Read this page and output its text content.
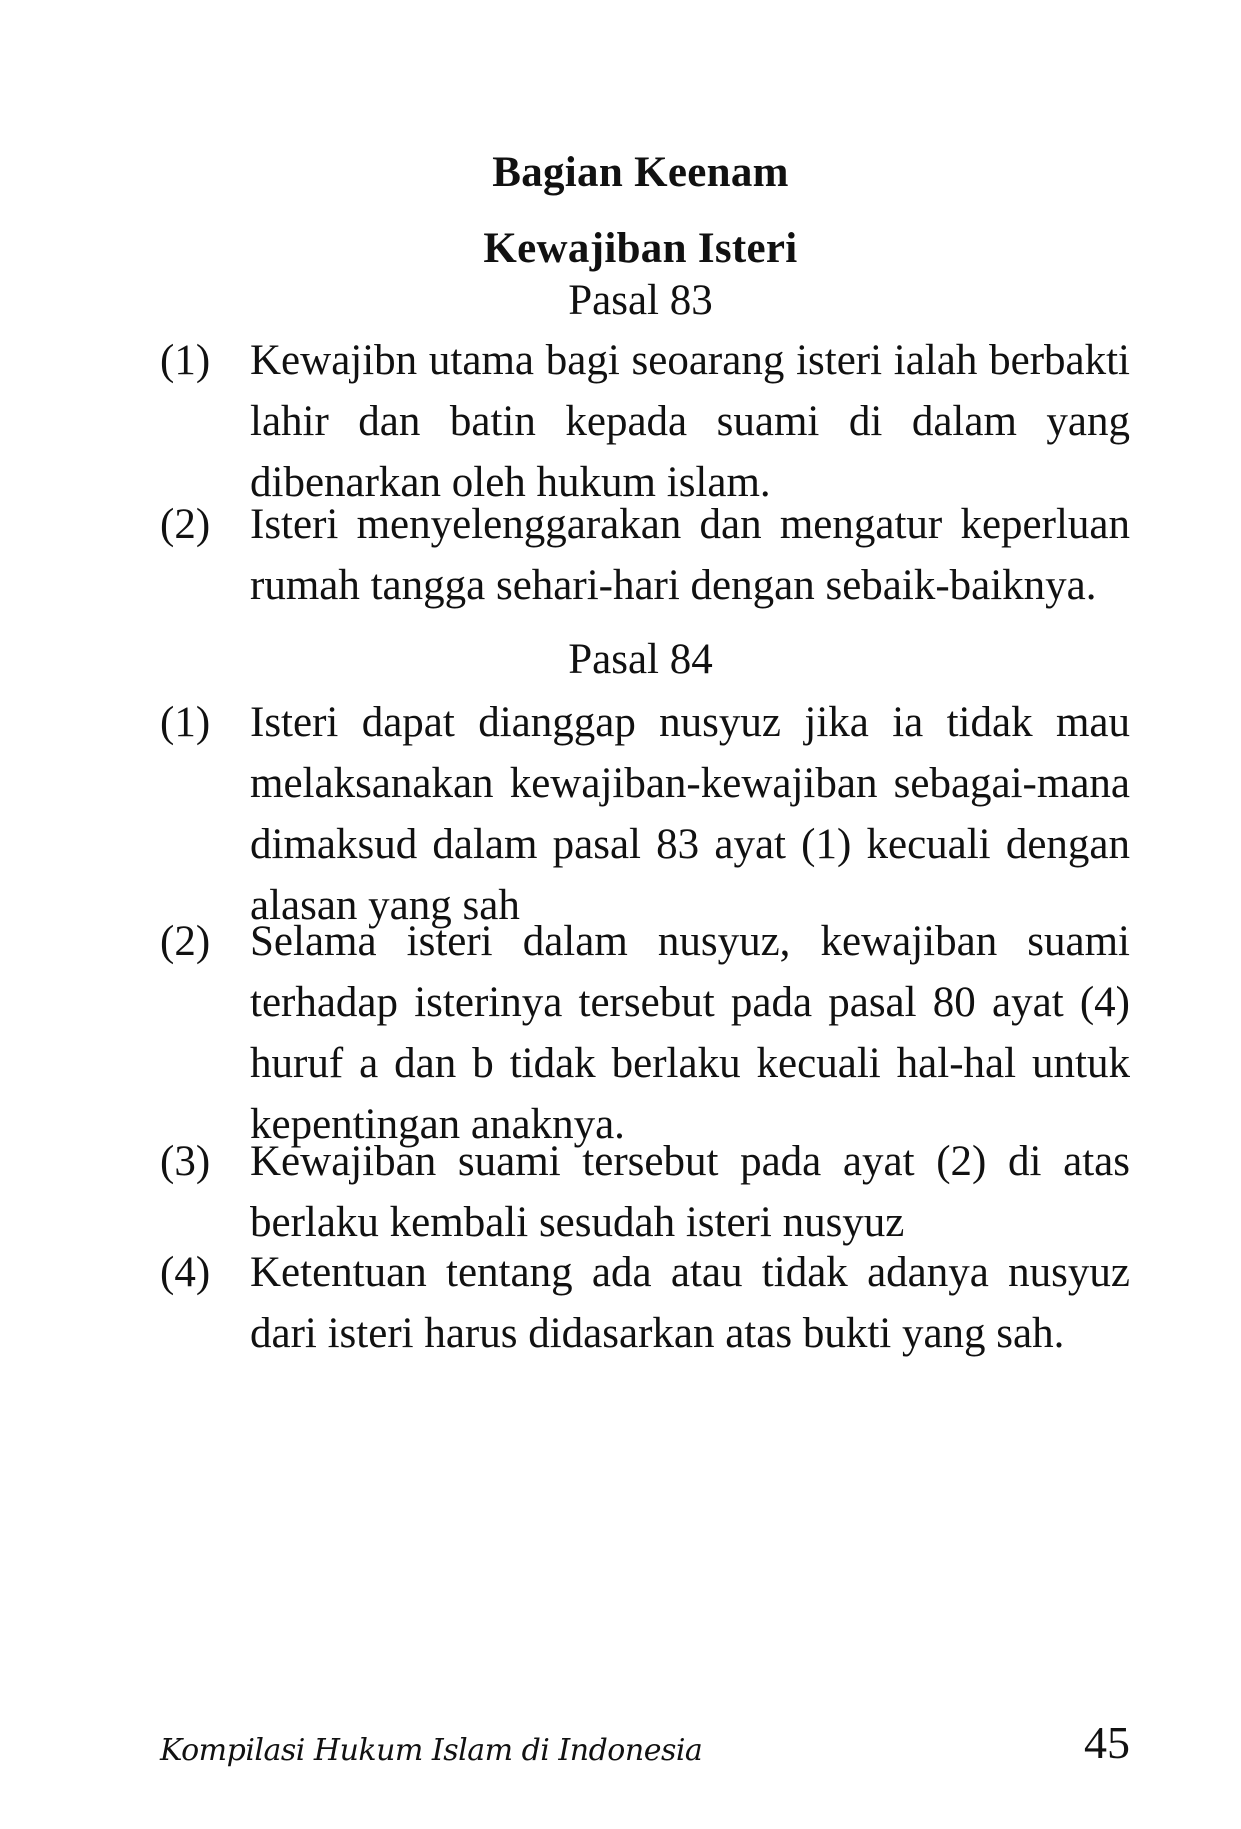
Bagian Keenam
Kewajiban Isteri
Pasal 83
(1) Kewajibn utama bagi seoarang isteri ialah berbakti lahir dan batin kepada suami di dalam yang dibenarkan oleh hukum islam.
(2) Isteri menyelenggarakan dan mengatur keperluan rumah tangga sehari-hari dengan sebaik-baiknya.
Pasal 84
(1) Isteri dapat dianggap nusyuz jika ia tidak mau melaksanakan kewajiban-kewajiban sebagai-mana dimaksud dalam pasal 83 ayat (1) kecuali dengan alasan yang sah
(2) Selama isteri dalam nusyuz, kewajiban suami terhadap isterinya tersebut pada pasal 80 ayat (4) huruf a dan b tidak berlaku kecuali hal-hal untuk kepentingan anaknya.
(3) Kewajiban suami tersebut pada ayat (2) di atas berlaku kembali sesudah isteri nusyuz
(4) Ketentuan tentang ada atau tidak adanya nusyuz dari isteri harus didasarkan atas bukti yang sah.
Kompilasi Hukum Islam di Indonesia	45
